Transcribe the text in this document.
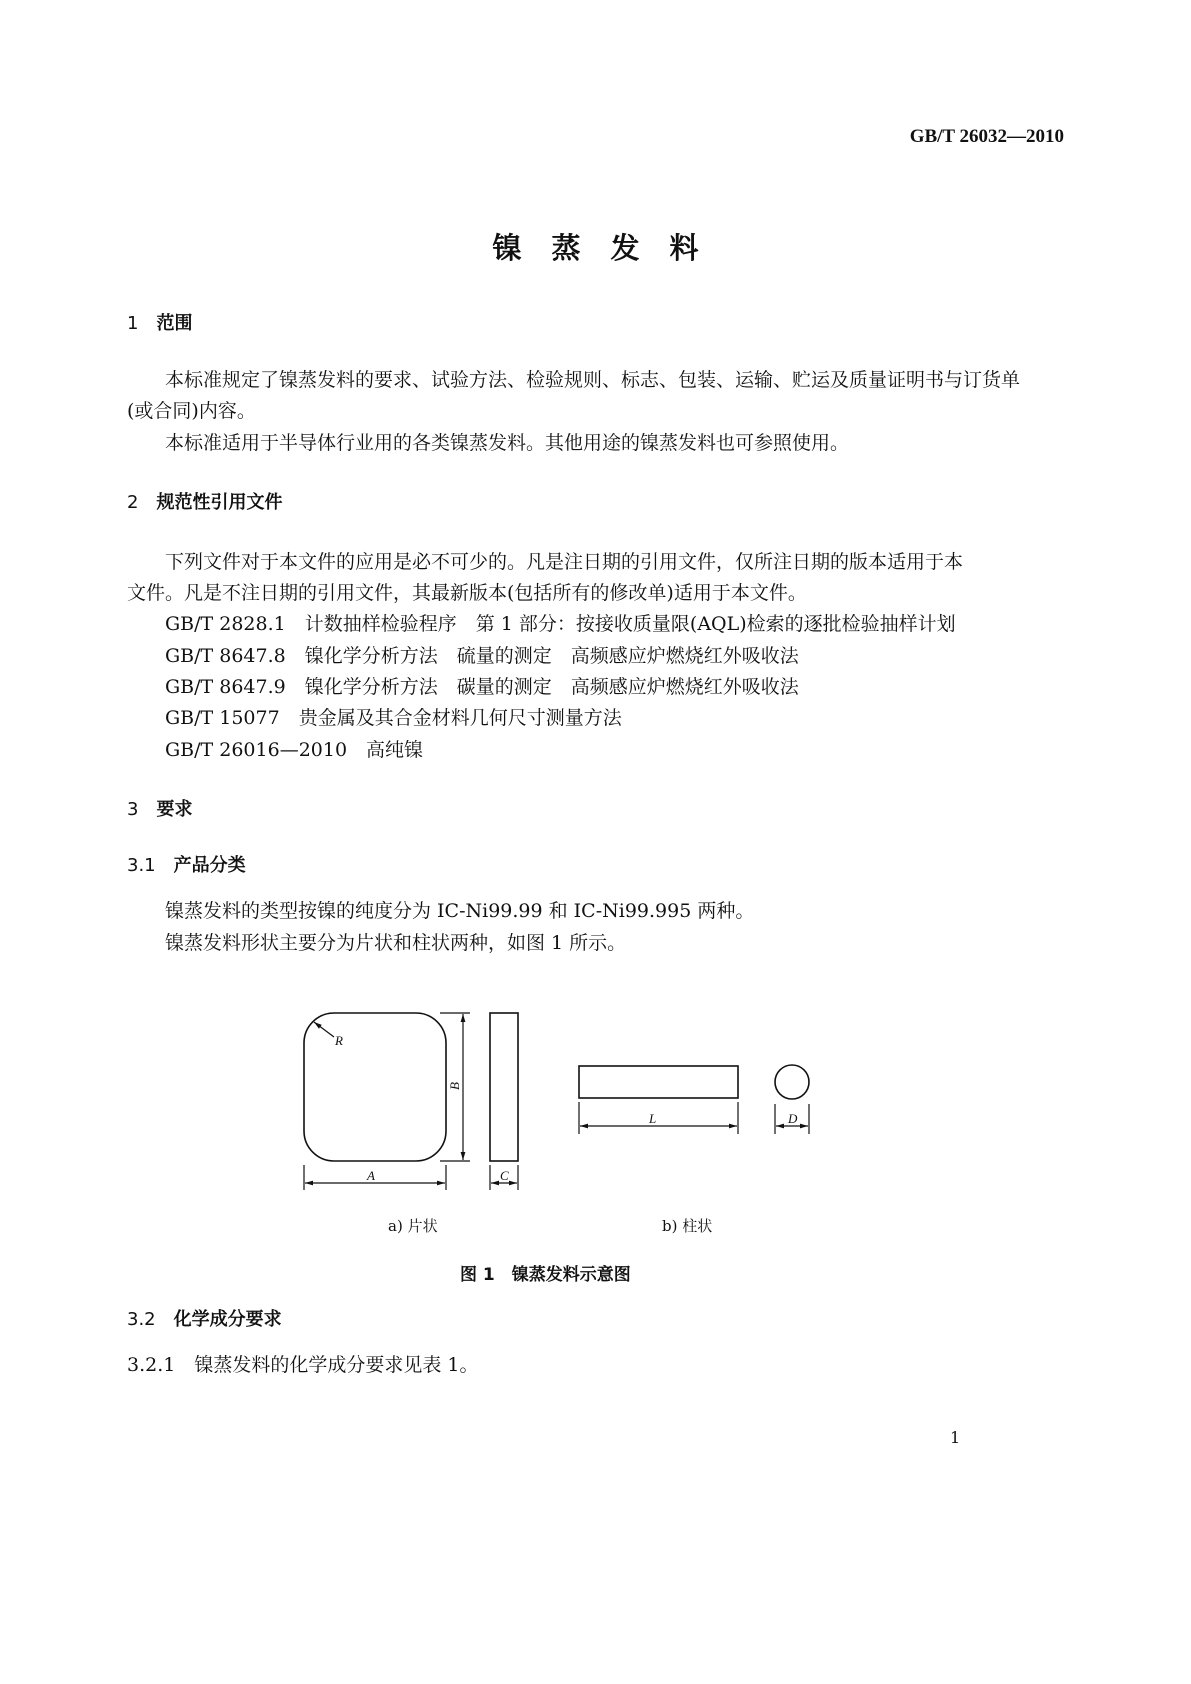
GB/T 26032—2010
镍蒸发料
1  范围
本标准规定了镍蒸发料的要求、试验方法、检验规则、标志、包装、运输、贮运及质量证明书与订货单
(或合同)内容。
本标准适用于半导体行业用的各类镍蒸发料。其他用途的镍蒸发料也可参照使用。
2  规范性引用文件
下列文件对于本文件的应用是必不可少的。凡是注日期的引用文件，仅所注日期的版本适用于本
文件。凡是不注日期的引用文件，其最新版本(包括所有的修改单)适用于本文件。
GB/T 2828.1　计数抽样检验程序　第 1 部分：按接收质量限(AQL)检索的逐批检验抽样计划
GB/T 8647.8　镍化学分析方法　硫量的测定　高频感应炉燃烧红外吸收法
GB/T 8647.9　镍化学分析方法　碳量的测定　高频感应炉燃烧红外吸收法
GB/T 15077　贵金属及其合金材料几何尺寸测量方法
GB/T 26016—2010　高纯镍
3  要求
3.1  产品分类
镍蒸发料的类型按镍的纯度分为 IC-Ni99.99 和 IC-Ni99.995 两种。
镍蒸发料形状主要分为片状和柱状两种，如图 1 所示。
R
A
B
C
L	D
a) 片状	b) 柱状
图 1　镍蒸发料示意图
3.2  化学成分要求
3.2.1　镍蒸发料的化学成分要求见表 1。
1
